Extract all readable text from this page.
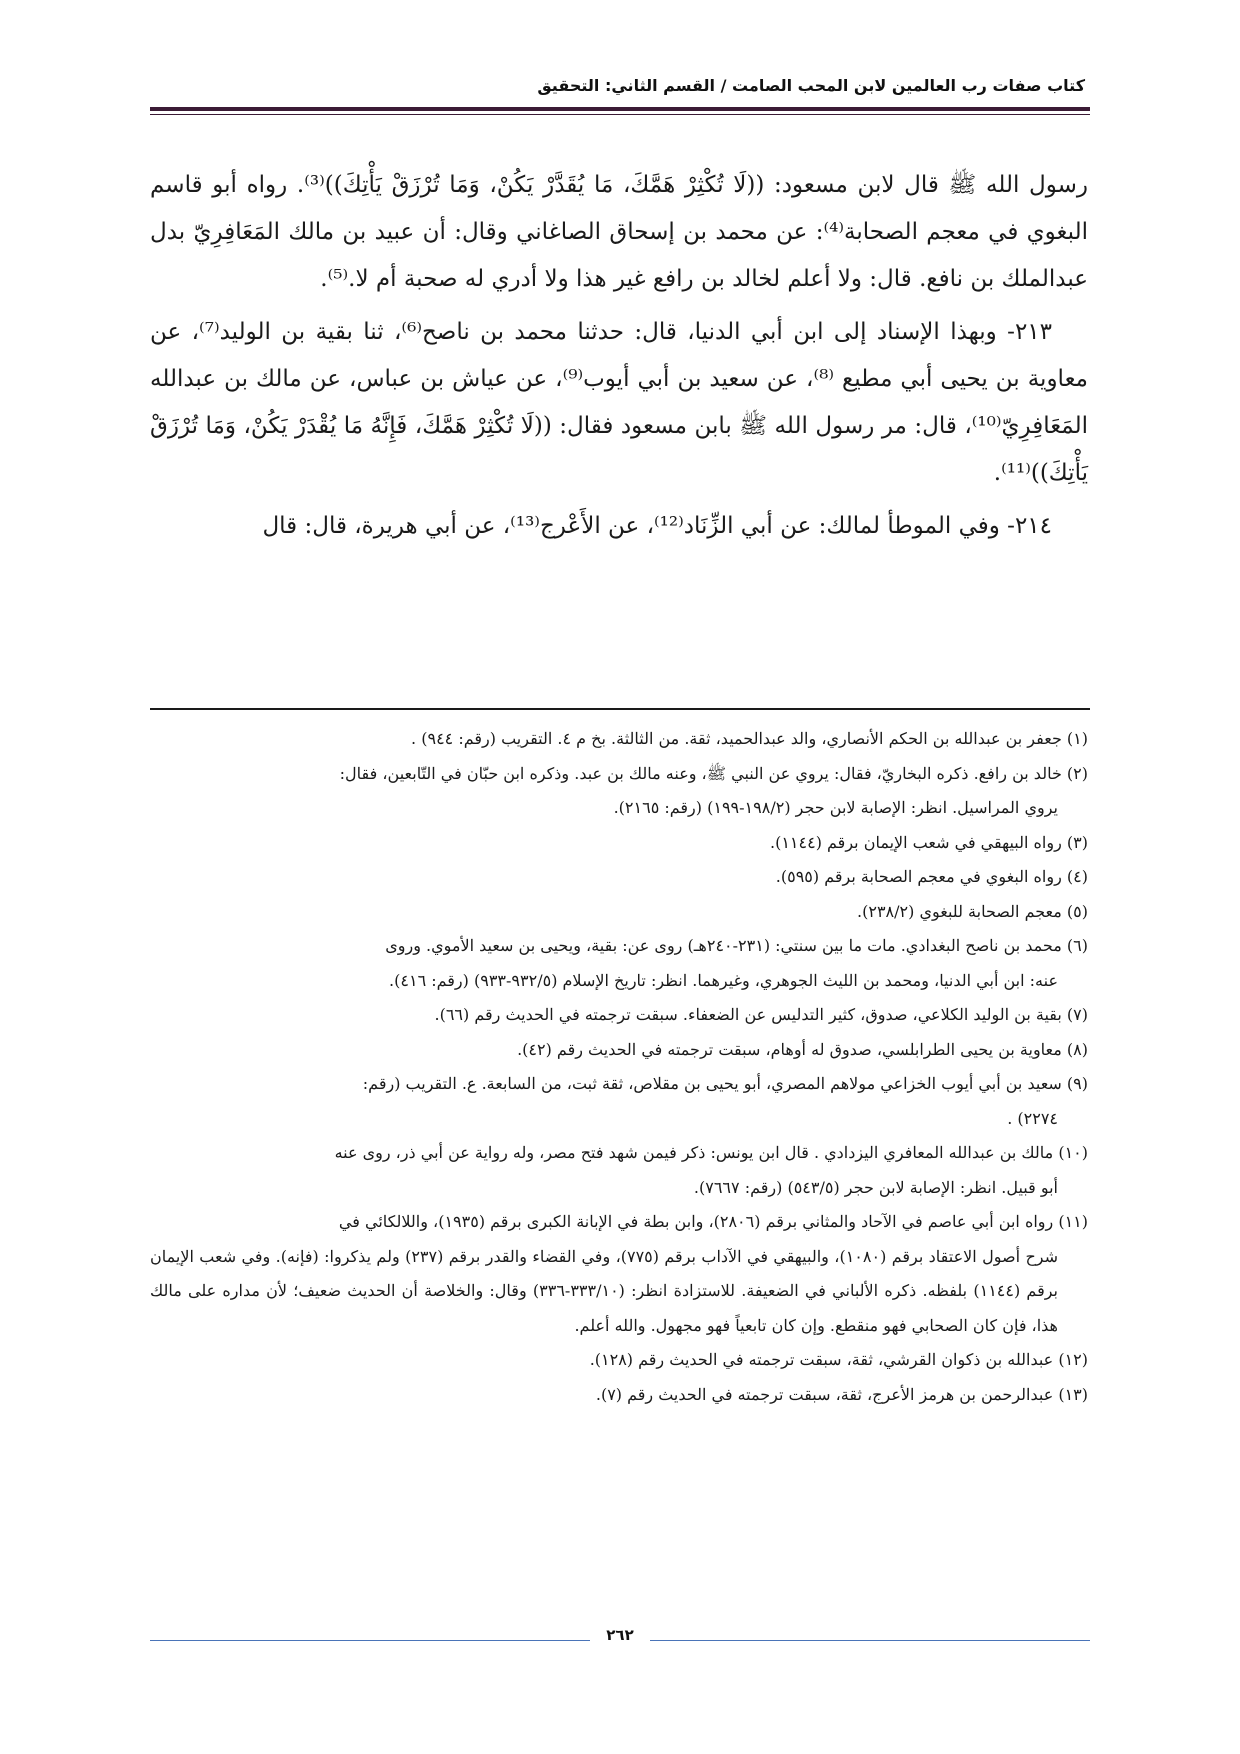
كتاب صفات رب العالمين لابن المحب الصامت / القسم الثاني: التحقيق

رسول الله ﷺ قال لابن مسعود: ((لَا تُكْثِرْ هَمَّكَ، مَا يُقَدَّرْ يَكُنْ، وَمَا تُرْزَقْ يَأْتِكَ))⁽³⁾. رواه أبو قاسم البغوي في معجم الصحابة⁽⁴⁾: عن محمد بن إسحاق الصاغاني وقال: أن عبيد بن مالك المَعَافِرِيّ بدل عبدالملك بن نافع. قال: ولا أعلم لخالد بن رافع غير هذا ولا أدري له صحبة أم لا.⁽⁵⁾.

٢١٣- وبهذا الإسناد إلى ابن أبي الدنيا، قال: حدثنا محمد بن ناصح⁽⁶⁾، ثنا بقية بن الوليد⁽⁷⁾، عن معاوية بن يحيى أبي مطيع ⁽⁸⁾، عن سعيد بن أبي أيوب⁽⁹⁾، عن عياش بن عباس، عن مالك بن عبدالله المَعَافِرِيّ⁽¹⁰⁾، قال: مر رسول الله ﷺ بابن مسعود فقال: ((لَا تُكْثِرْ هَمَّكَ، فَإِنَّهُ مَا يُقْدَرْ يَكُنْ، وَمَا تُرْزَقْ يَأْتِكَ))⁽¹¹⁾.

٢١٤- وفي الموطأ لمالك: عن أبي الزِّنَاد⁽¹²⁾، عن الأَعْرج⁽¹³⁾، عن أبي هريرة، قال: قال

(١) جعفر بن عبدالله بن الحكم الأنصاري، والد عبدالحميد، ثقة. من الثالثة. بخ م ٤. التقريب (رقم: ٩٤٤) .

(٢) خالد بن رافع. ذكره البخاريّ، فقال: يروي عن النبي ﷺ، وعنه مالك بن عبد. وذكره ابن حبّان في التّابعين، فقال:

يروي المراسيل. انظر: الإصابة لابن حجر (١٩٨/٢-١٩٩) (رقم: ٢١٦٥).

(٣) رواه البيهقي في شعب الإيمان برقم (١١٤٤).

(٤) رواه البغوي في معجم الصحابة برقم (٥٩٥).

(٥) معجم الصحابة للبغوي (٢٣٨/٢).

(٦) محمد بن ناصح البغدادي. مات ما بين سنتي: (٢٣١-٢٤٠هـ) روى عن: بقية، ويحيى بن سعيد الأموي. وروى

عنه: ابن أبي الدنيا، ومحمد بن الليث الجوهري، وغيرهما. انظر: تاريخ الإسلام (٩٣٢/٥-٩٣٣) (رقم: ٤١٦).

(٧) بقية بن الوليد الكلاعي، صدوق، كثير التدليس عن الضعفاء. سبقت ترجمته في الحديث رقم (٦٦).

(٨) معاوية بن يحيى الطرابلسي، صدوق له أوهام، سبقت ترجمته في الحديث رقم (٤٢).

(٩) سعيد بن أبي أيوب الخزاعي مولاهم المصري، أبو يحيى بن مقلاص، ثقة ثبت، من السابعة. ع. التقريب (رقم:

٢٢٧٤) .

(١٠) مالك بن عبدالله المعافري اليزدادي . قال ابن يونس: ذكر فيمن شهد فتح مصر، وله رواية عن أبي ذر، روى عنه

أبو قبيل. انظر: الإصابة لابن حجر (٥٤٣/٥) (رقم: ٧٦٦٧).

(١١) رواه ابن أبي عاصم في الآحاد والمثاني برقم (٢٨٠٦)، وابن بطة في الإبانة الكبرى برقم (١٩٣٥)، واللالكائي في

شرح أصول الاعتقاد برقم (١٠٨٠)، والبيهقي في الآداب برقم (٧٧٥)، وفي القضاء والقدر برقم (٢٣٧) ولم يذكروا: (فإنه). وفي شعب الإيمان برقم (١١٤٤) بلفظه. ذكره الألباني في الضعيفة. للاستزادة انظر: (٣٣٣/١٠-٣٣٦) وقال: والخلاصة أن الحديث ضعيف؛ لأن مداره على مالك هذا، فإن كان الصحابي فهو منقطع. وإن كان تابعياً فهو مجهول. والله أعلم.

(١٢) عبدالله بن ذكوان القرشي، ثقة، سبقت ترجمته في الحديث رقم (١٢٨).

(١٣) عبدالرحمن بن هرمز الأعرج، ثقة، سبقت ترجمته في الحديث رقم (٧).

٢٦٢
